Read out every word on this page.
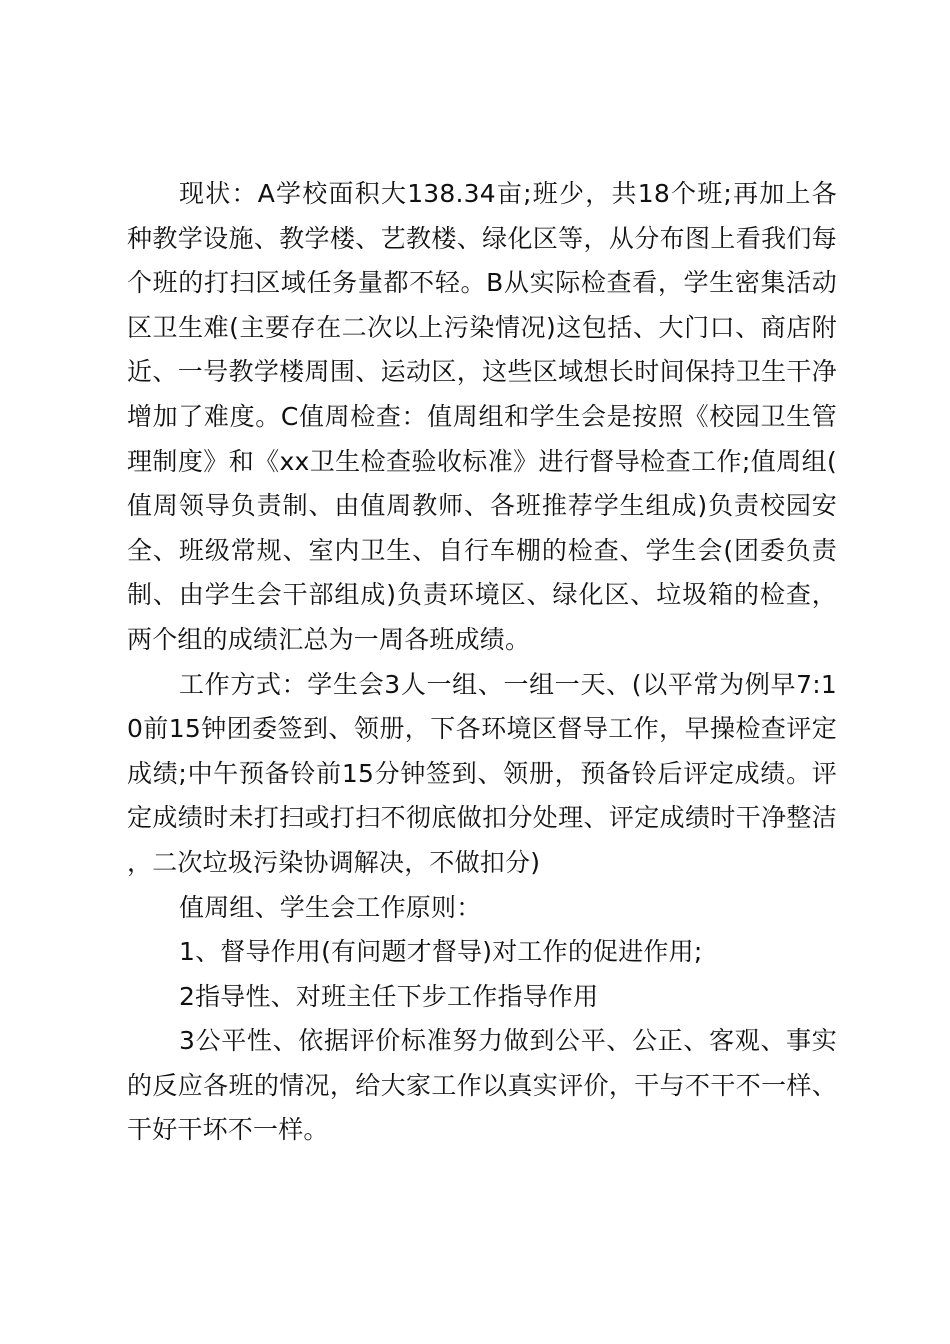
现状：A学校面积大138.34亩;班少，共18个班;再加上各种教学设施、教学楼、艺教楼、绿化区等，从分布图上看我们每个班的打扫区域任务量都不轻。B从实际检查看，学生密集活动区卫生难(主要存在二次以上污染情况)这包括、大门口、商店附近、一号教学楼周围、运动区，这些区域想长时间保持卫生干净增加了难度。C值周检查：值周组和学生会是按照《校园卫生管理制度》和《xx卫生检查验收标准》进行督导检查工作;值周组(值周领导负责制、由值周教师、各班推荐学生组成)负责校园安全、班级常规、室内卫生、自行车棚的检查、学生会(团委负责制、由学生会干部组成)负责环境区、绿化区、垃圾箱的检查，两个组的成绩汇总为一周各班成绩。

工作方式：学生会3人一组、一组一天、(以平常为例早7:10前15钟团委签到、领册，下各环境区督导工作，早操检查评定成绩;中午预备铃前15分钟签到、领册，预备铃后评定成绩。评定成绩时未打扫或打扫不彻底做扣分处理、评定成绩时干净整洁，二次垃圾污染协调解决，不做扣分)

值周组、学生会工作原则：

1、督导作用(有问题才督导)对工作的促进作用;

2指导性、对班主任下步工作指导作用

3公平性、依据评价标准努力做到公平、公正、客观、事实的反应各班的情况，给大家工作以真实评价，干与不干不一样、干好干坏不一样。
